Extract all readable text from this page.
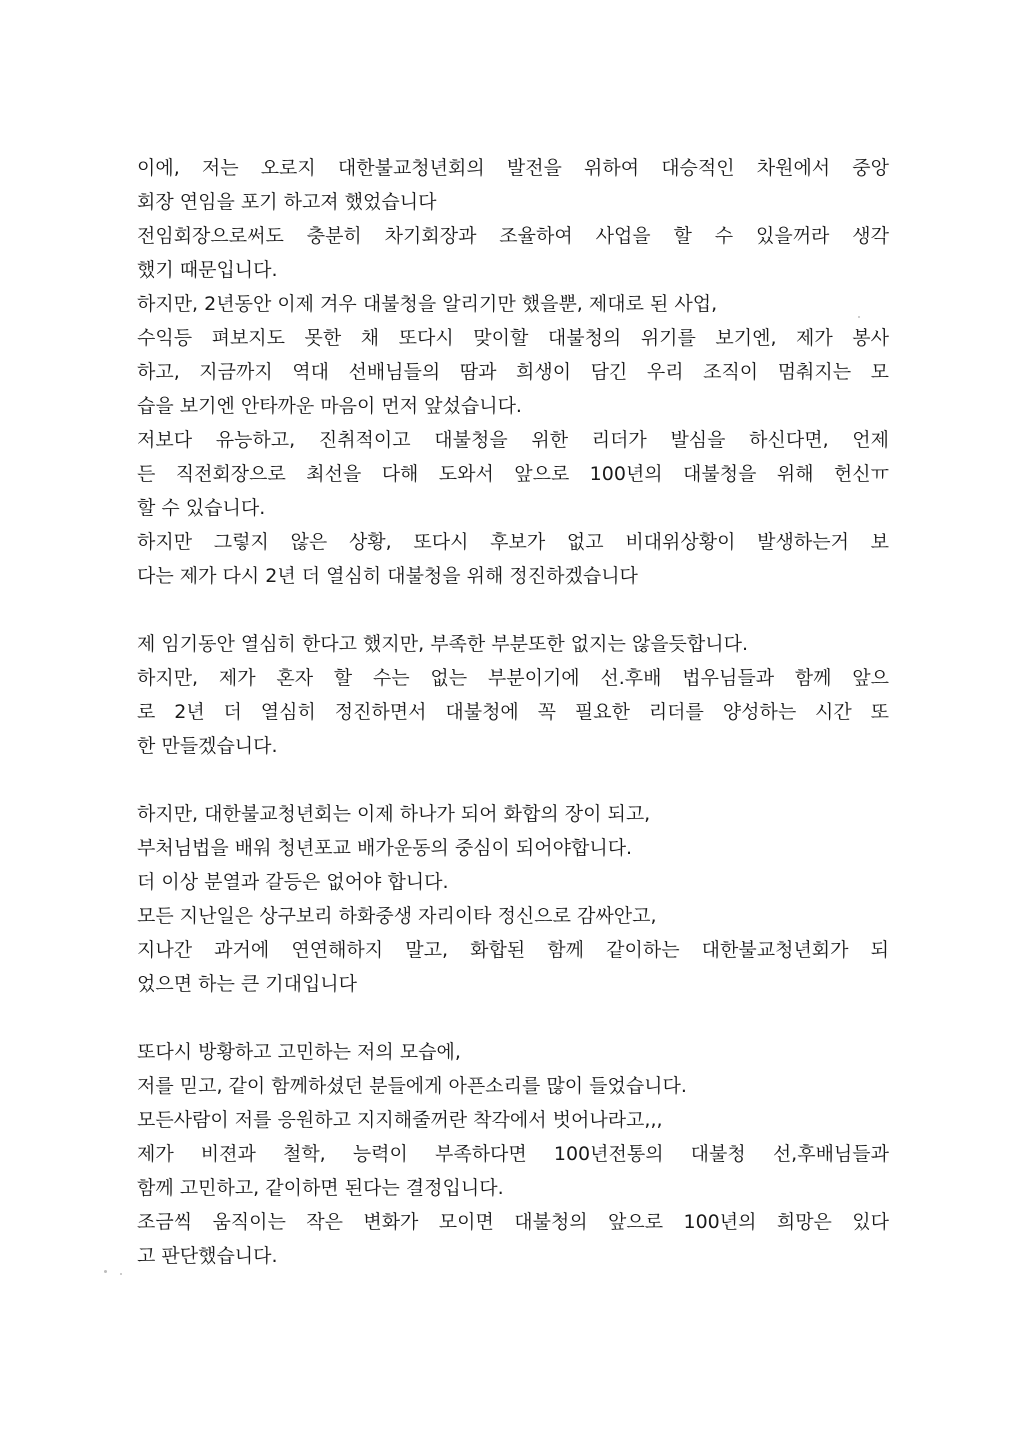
이에, 저는 오로지 대한불교청년회의 발전을 위하여 대승적인 차원에서 중앙
회장 연임을 포기 하고져 했었습니다
전임회장으로써도 충분히 차기회장과 조율하여 사업을 할 수 있을꺼라 생각
했기 때문입니다.
하지만, 2년동안 이제 겨우 대불청을 알리기만 했을뿐, 제대로 된 사업,
수익등 펴보지도 못한 채 또다시 맞이할 대불청의 위기를 보기엔, 제가 봉사
하고, 지금까지 역대 선배님들의 땀과 희생이 담긴 우리 조직이 멈춰지는 모
습을 보기엔 안타까운 마음이 먼저 앞섰습니다.
저보다 유능하고, 진취적이고 대불청을 위한 리더가 발심을 하신다면, 언제
든 직전회장으로 최선을 다해 도와서 앞으로 100년의 대불청을 위해 헌신ㅠ
할 수 있습니다.
하지만 그렇지 않은 상황, 또다시 후보가 없고 비대위상황이 발생하는거 보
다는 제가 다시 2년 더 열심히 대불청을 위해 정진하겠습니다
제 임기동안 열심히 한다고 했지만, 부족한 부분또한 없지는 않을듯합니다.
하지만, 제가 혼자 할 수는 없는 부분이기에 선.후배 법우님들과 함께 앞으
로 2년 더 열심히 정진하면서 대불청에 꼭 필요한 리더를 양성하는 시간 또
한 만들겠습니다.
하지만, 대한불교청년회는 이제 하나가 되어 화합의 장이 되고,
부처님법을 배워 청년포교 배가운동의 중심이 되어야합니다.
더 이상 분열과 갈등은 없어야 합니다.
모든 지난일은 상구보리 하화중생 자리이타 정신으로 감싸안고,
지나간 과거에 연연해하지 말고, 화합된 함께 같이하는 대한불교청년회가 되
었으면 하는 큰 기대입니다
또다시 방황하고 고민하는 저의 모습에,
저를 믿고, 같이 함께하셨던 분들에게 아픈소리를 많이 들었습니다.
모든사람이 저를 응원하고 지지해줄꺼란 착각에서 벗어나라고,,,
제가 비젼과 철학, 능력이 부족하다면 100년전통의 대불청 선,후배님들과
함께 고민하고, 같이하면 된다는 결정입니다.
조금씩 움직이는 작은 변화가 모이면 대불청의 앞으로 100년의 희망은 있다
고 판단했습니다.
